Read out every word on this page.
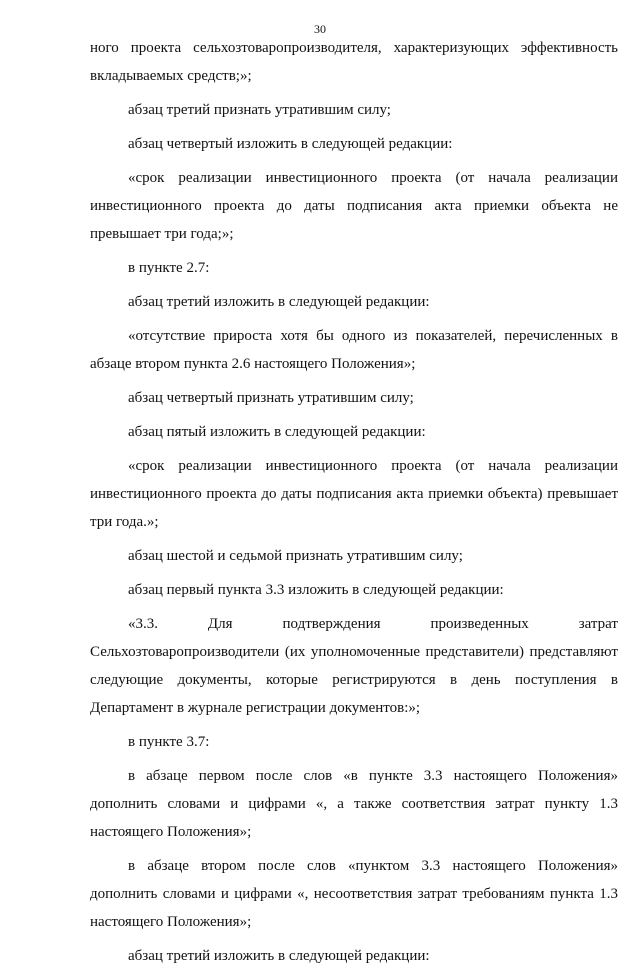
30

ного проекта сельхозтоваропроизводителя, характеризующих эффективность вкладываемых средств;»;

абзац третий признать утратившим силу;

абзац четвертый изложить в следующей редакции:

«срок реализации инвестиционного проекта (от начала реализации инвестиционного проекта до даты подписания акта приемки объекта не превышает три года;»;

в пункте 2.7:

абзац третий изложить в следующей редакции:

«отсутствие прироста хотя бы одного из показателей, перечисленных в абзаце втором пункта 2.6 настоящего Положения»;

абзац четвертый признать утратившим силу;

абзац пятый изложить в следующей редакции:

«срок реализации инвестиционного проекта (от начала реализации инвестиционного проекта до даты подписания акта приемки объекта) превышает три года.»;

абзац шестой и седьмой признать утратившим силу;

абзац первый пункта 3.3 изложить в следующей редакции:

«3.3. Для подтверждения произведенных затрат Сельхозтоваропроизводители (их уполномоченные представители) представляют следующие документы, которые регистрируются в день поступления в Департамент в журнале регистрации документов:»;

в пункте 3.7:

в абзаце первом после слов «в пункте 3.3 настоящего Положения» дополнить словами и цифрами «, а также соответствия затрат пункту 1.3 настоящего Положения»;

в абзаце втором после слов «пунктом 3.3 настоящего Положения» дополнить словами и цифрами «, несоответствия затрат требованиям пункта 1.3 настоящего Положения»;

абзац третий изложить в следующей редакции:
